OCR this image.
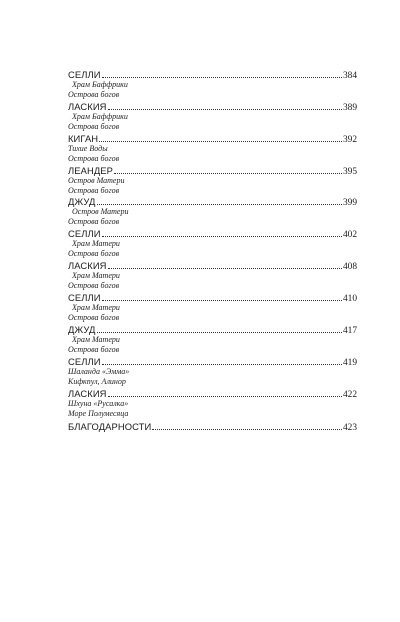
СЕЛЛИ	384
Храм Баффрики
Острова богов
ЛАСКИЯ	389
Храм Баффрики
Острова богов
КИГАН	392
Тихие Воды
Острова богов
ЛЕАНДЕР	395
Остров Матери
Острова богов
ДЖУД	399
Остров Матери
Острова богов
СЕЛЛИ	402
Храм Матери
Острова богов
ЛАСКИЯ	408
Храм Матери
Острова богов
СЕЛЛИ	410
Храм Матери
Острова богов
ДЖУД	417
Храм Матери
Острова богов
СЕЛЛИ	419
Шаланда «Эмма»
Кифкпул, Алинор
ЛАСКИЯ	422
Шхуна «Русалка»
Море Полумесяца
БЛАГОДАРНОСТИ	423
